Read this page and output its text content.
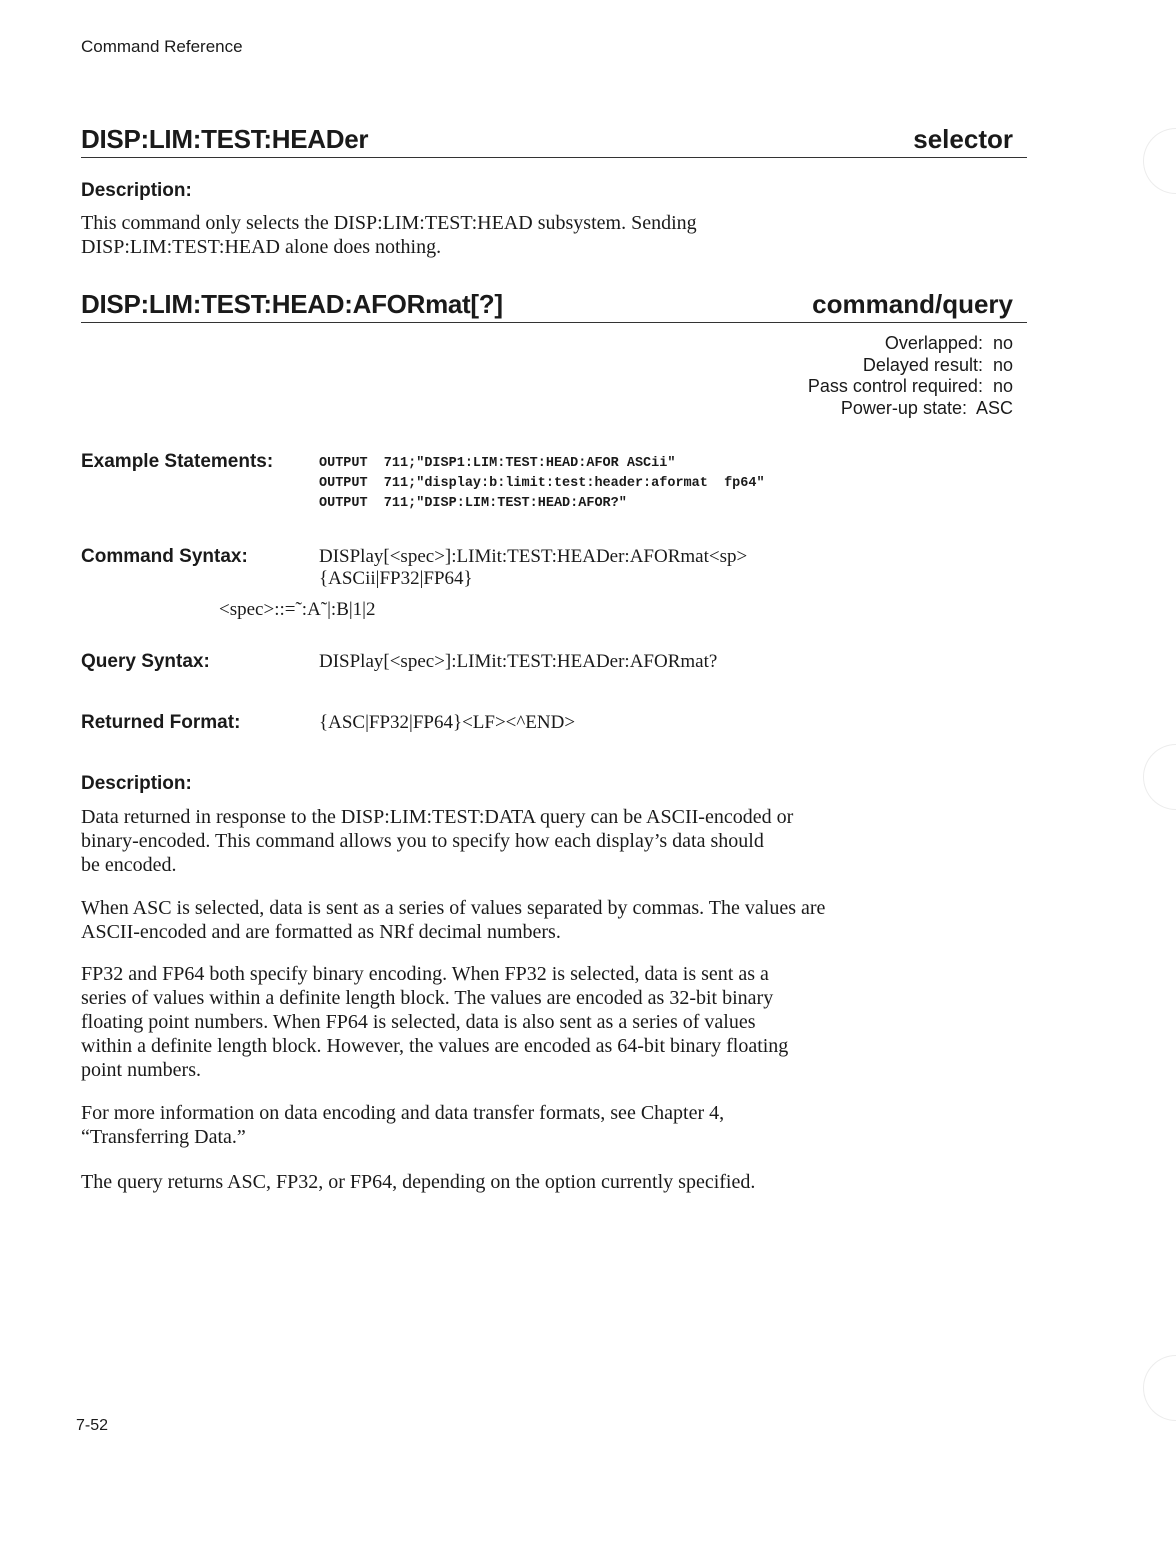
Command Reference
DISP:LIM:TEST:HEADer	selector
Description:
This command only selects the DISP:LIM:TEST:HEAD subsystem. Sending
DISP:LIM:TEST:HEAD alone does nothing.
DISP:LIM:TEST:HEAD:AFORmat[?]	command/query
Overlapped: no
Delayed result: no
Pass control required: no
Power-up state: ASC
Example Statements:	OUTPUT  711;"DISP1:LIM:TEST:HEAD:AFOR ASCii"
OUTPUT  711;"display:b:limit:test:header:aformat  fp64"
OUTPUT  711;"DISP:LIM:TEST:HEAD:AFOR?"
Command Syntax:	DISPlay[<spec>]:LIMit:TEST:HEADer:AFORmat<sp>
{ASCii|FP32|FP64}
<spec>::=˜:A˜|:B|1|2
Query Syntax:	DISPlay[<spec>]:LIMit:TEST:HEADer:AFORmat?
Returned Format:	{ASC|FP32|FP64}<LF><^END>
Description:
Data returned in response to the DISP:LIM:TEST:DATA query can be ASCII-encoded or
binary-encoded. This command allows you to specify how each display’s data should
be encoded.
When ASC is selected, data is sent as a series of values separated by commas. The values are
ASCII-encoded and are formatted as NRf decimal numbers.
FP32 and FP64 both specify binary encoding. When FP32 is selected, data is sent as a
series of values within a definite length block. The values are encoded as 32-bit binary
floating point numbers. When FP64 is selected, data is also sent as a series of values
within a definite length block. However, the values are encoded as 64-bit binary floating
point numbers.
For more information on data encoding and data transfer formats, see Chapter 4,
“Transferring Data.”
The query returns ASC, FP32, or FP64, depending on the option currently specified.
7-52
